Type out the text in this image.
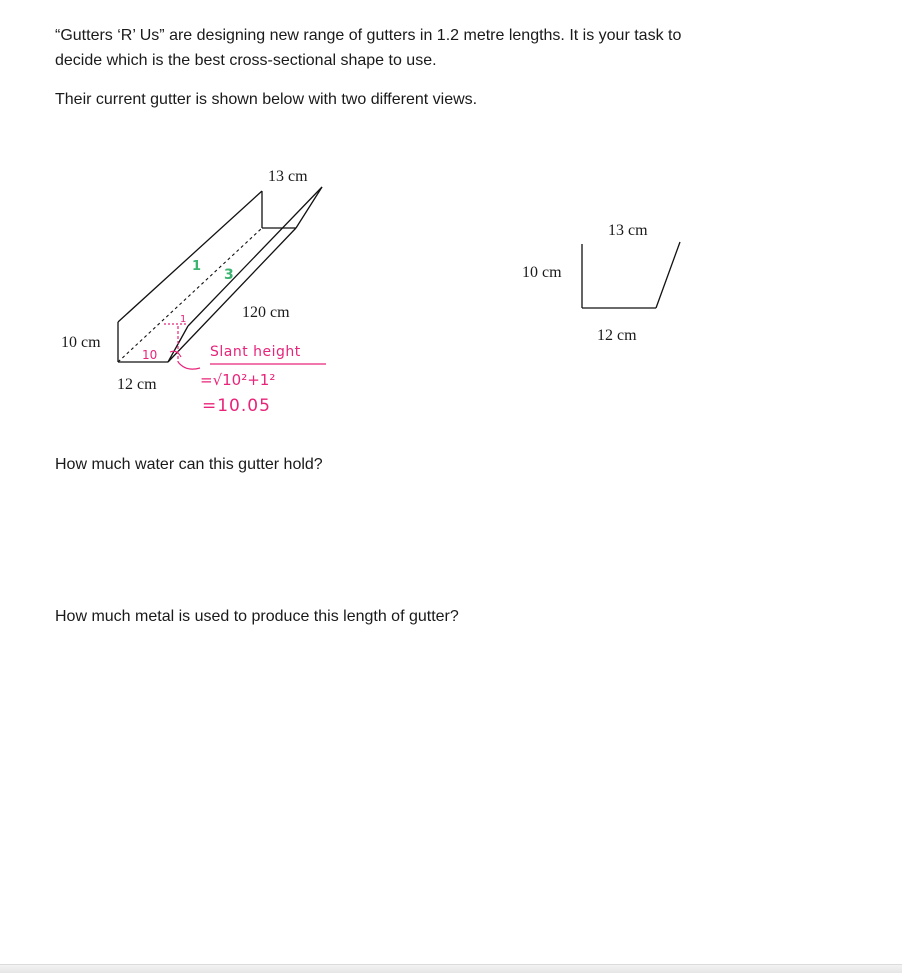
“Gutters ‘R’ Us” are designing new range of gutters in 1.2 metre lengths. It is your task to
decide which is the best cross-sectional shape to use.
Their current gutter is shown below with two different views.
13 cm
120 cm
10 cm
12 cm
10
1
Slant height
=√10²+1²
=10.05
1
3
13 cm
10 cm
12 cm
How much water can this gutter hold?
How much metal is used to produce this length of gutter?
